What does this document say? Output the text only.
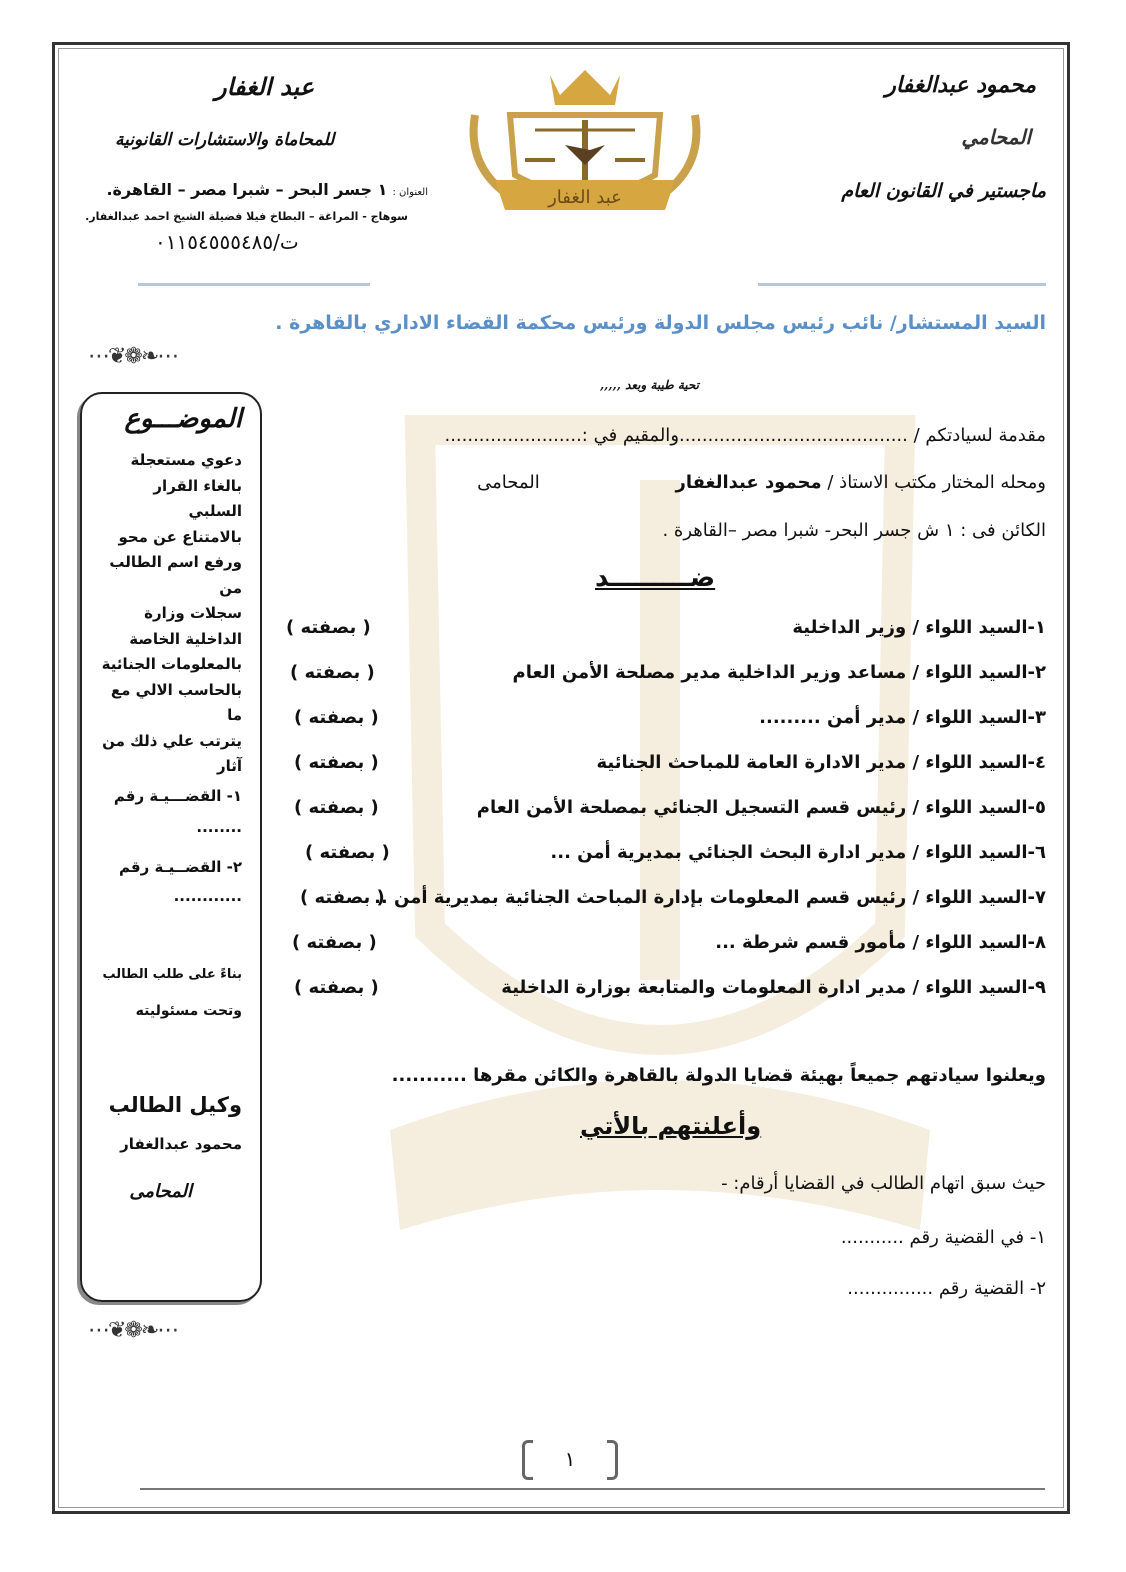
محمود عبدالغفار
المحامي
ماجستير في القانون العام
عبد الغفار
عبد الغفار
للمحاماة والاستشارات القانونية
العنوان : ١ جسر البحر – شبرا مصر – القاهرة.
سوهاج - المراغة – البطاخ فيلا فضيلة الشيخ احمد عبدالغفار.
ت/٠١١٥٤٥٥٥٤٨٥
السيد المستشار/ نائب رئيس مجلس الدولة ورئيس محكمة القضاء الاداري بالقاهرة .
تحية طيبة وبعد ,,,,,
مقدمة لسيادتكم / ........................................والمقيم في :........................
ومحله المختار مكتب الاستاذ / محمود عبدالغفار المحامى
الكائن فى : ١ ش جسر البحر- شبرا مصر –القاهرة .
ضـــــــــد
١-السيد اللواء / وزير الداخلية
( بصفته )
٢-السيد اللواء / مساعد وزير الداخلية مدير مصلحة الأمن العام
( بصفته )
٣-السيد اللواء / مدير أمن .........
( بصفته )
٤-السيد اللواء / مدير الادارة العامة للمباحث الجنائية
( بصفته )
٥-السيد اللواء / رئيس قسم التسجيل الجنائي بمصلحة الأمن العام
( بصفته )
٦-السيد اللواء / مدير ادارة البحث الجنائي بمديرية أمن ...
( بصفته )
٧-السيد اللواء / رئيس قسم المعلومات بإدارة المباحث الجنائية بمديرية أمن ..
( بصفته )
٨-السيد اللواء / مأمور قسم شرطة ...
( بصفته )
٩-السيد اللواء / مدير ادارة المعلومات والمتابعة بوزارة الداخلية
( بصفته )
ويعلنوا سيادتهم جميعاً بهيئة قضايا الدولة بالقاهرة والكائن مقرها ...........
وأعلنتهم بالأتي
حيث سبق اتهام الطالب في القضايا أرقام: -
١- في القضية رقم ...........
٢- القضية رقم ...............
⋯❦❁❧⋯
الموضـــوع
دعوي مستعجلة
بالغاء القرار السلبي
بالامتناع عن محو
ورفع اسم الطالب من
سجلات وزارة
الداخلية الخاصة
بالمعلومات الجنائية
بالحاسب الالي مع ما
يترتب علي ذلك من
آثار
١- القضـــيـة رقم
........
٢- القضــيـة رقم
............
بناءً على طلب الطالب
وتحت مسئوليته
وكيل الطالب
محمود عبدالغفار
المحامى
⋯❦❁❧⋯
١
